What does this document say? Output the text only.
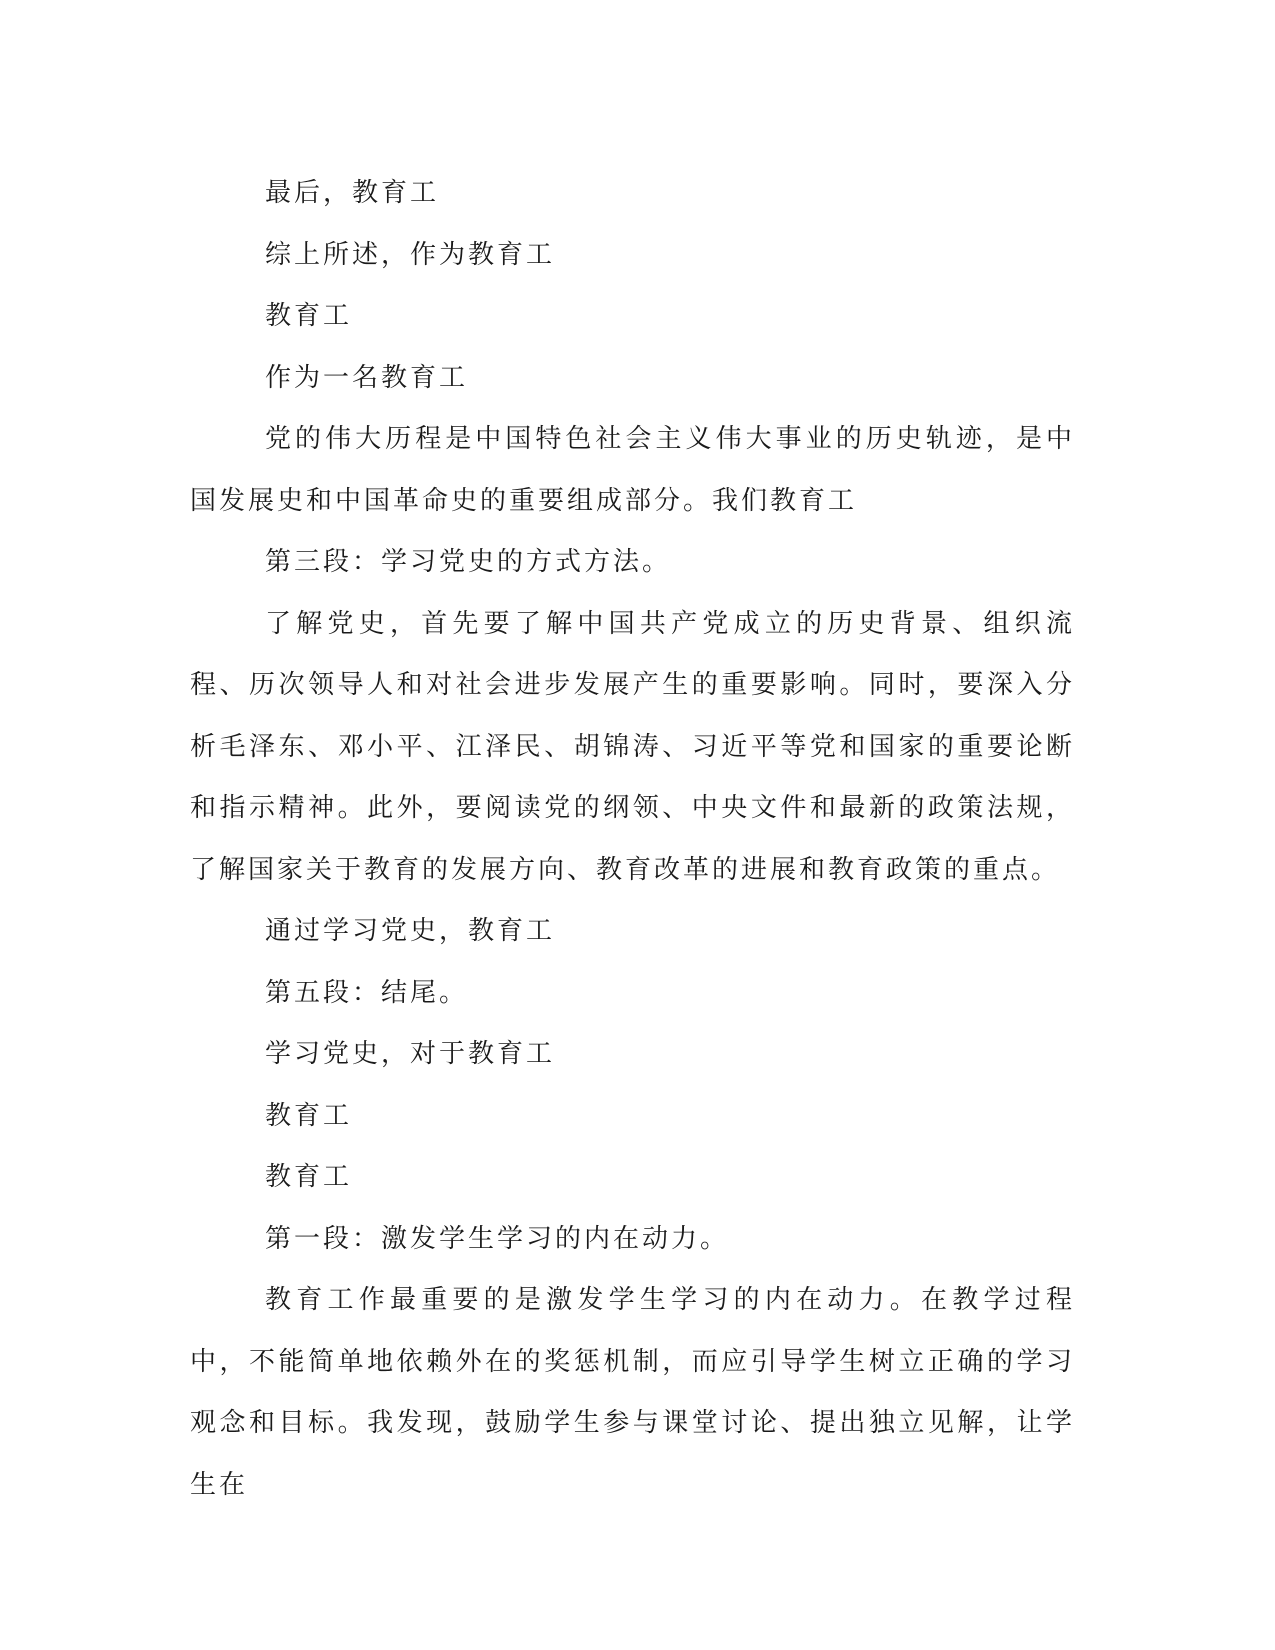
最后，教育工

综上所述，作为教育工

教育工

作为一名教育工

党的伟大历程是中国特色社会主义伟大事业的历史轨迹，是中国发展史和中国革命史的重要组成部分。我们教育工

第三段：学习党史的方式方法。

了解党史，首先要了解中国共产党成立的历史背景、组织流程、历次领导人和对社会进步发展产生的重要影响。同时，要深入分析毛泽东、邓小平、江泽民、胡锦涛、习近平等党和国家的重要论断和指示精神。此外，要阅读党的纲领、中央文件和最新的政策法规，了解国家关于教育的发展方向、教育改革的进展和教育政策的重点。

通过学习党史，教育工

第五段：结尾。

学习党史，对于教育工

教育工

教育工

第一段：激发学生学习的内在动力。

教育工作最重要的是激发学生学习的内在动力。在教学过程中，不能简单地依赖外在的奖惩机制，而应引导学生树立正确的学习观念和目标。我发现，鼓励学生参与课堂讨论、提出独立见解，让学生在
